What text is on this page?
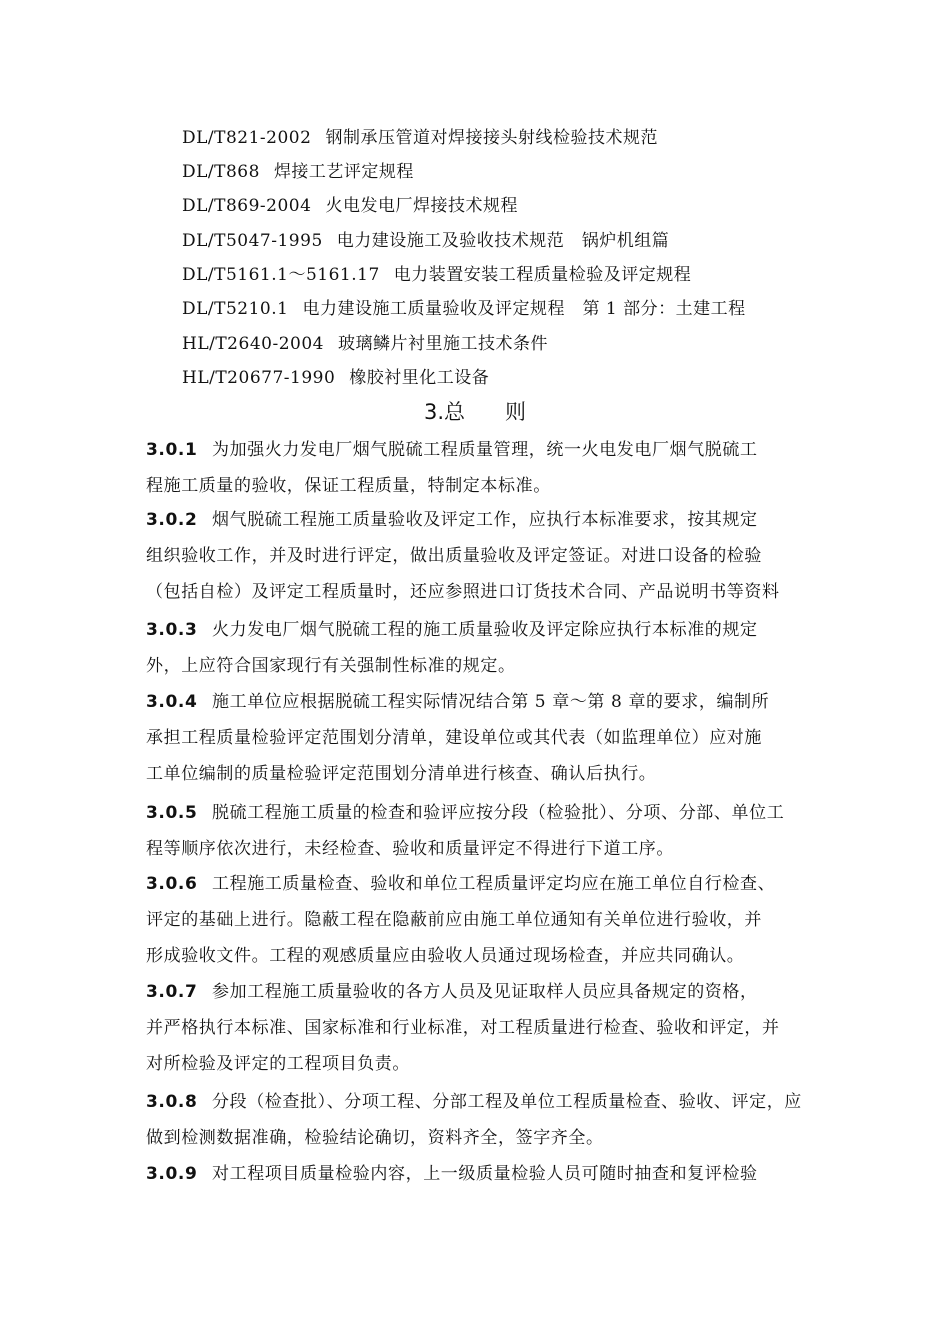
DL/T821-2002 钢制承压管道对焊接接头射线检验技术规范
DL/T868 焊接工艺评定规程
DL/T869-2004 火电发电厂焊接技术规程
DL/T5047-1995 电力建设施工及验收技术规范　锅炉机组篇
DL/T5161.1～5161.17 电力装置安装工程质量检验及评定规程
DL/T5210.1 电力建设施工质量验收及评定规程　第 1 部分：土建工程
HL/T2640-2004 玻璃鳞片衬里施工技术条件
HL/T20677-1990 橡胶衬里化工设备
3.总 则
3.0.1 为加强火力发电厂烟气脱硫工程质量管理，统一火电发电厂烟气脱硫工
程施工质量的验收，保证工程质量，特制定本标准。
3.0.2 烟气脱硫工程施工质量验收及评定工作，应执行本标准要求，按其规定
组织验收工作，并及时进行评定，做出质量验收及评定签证。对进口设备的检验
（包括自检）及评定工程质量时，还应参照进口订货技术合同、产品说明书等资料
3.0.3 火力发电厂烟气脱硫工程的施工质量验收及评定除应执行本标准的规定
外，上应符合国家现行有关强制性标准的规定。
3.0.4 施工单位应根据脱硫工程实际情况结合第 5 章～第 8 章的要求，编制所
承担工程质量检验评定范围划分清单，建设单位或其代表（如监理单位）应对施
工单位编制的质量检验评定范围划分清单进行核查、确认后执行。
3.0.5 脱硫工程施工质量的检查和验评应按分段（检验批）、分项、分部、单位工
程等顺序依次进行，未经检查、验收和质量评定不得进行下道工序。
3.0.6 工程施工质量检查、验收和单位工程质量评定均应在施工单位自行检查、
评定的基础上进行。隐蔽工程在隐蔽前应由施工单位通知有关单位进行验收，并
形成验收文件。工程的观感质量应由验收人员通过现场检查，并应共同确认。
3.0.7 参加工程施工质量验收的各方人员及见证取样人员应具备规定的资格，
并严格执行本标准、国家标准和行业标准，对工程质量进行检查、验收和评定，并
对所检验及评定的工程项目负责。
3.0.8 分段（检查批）、分项工程、分部工程及单位工程质量检查、验收、评定，应
做到检测数据准确，检验结论确切，资料齐全，签字齐全。
3.0.9 对工程项目质量检验内容，上一级质量检验人员可随时抽查和复评检验
